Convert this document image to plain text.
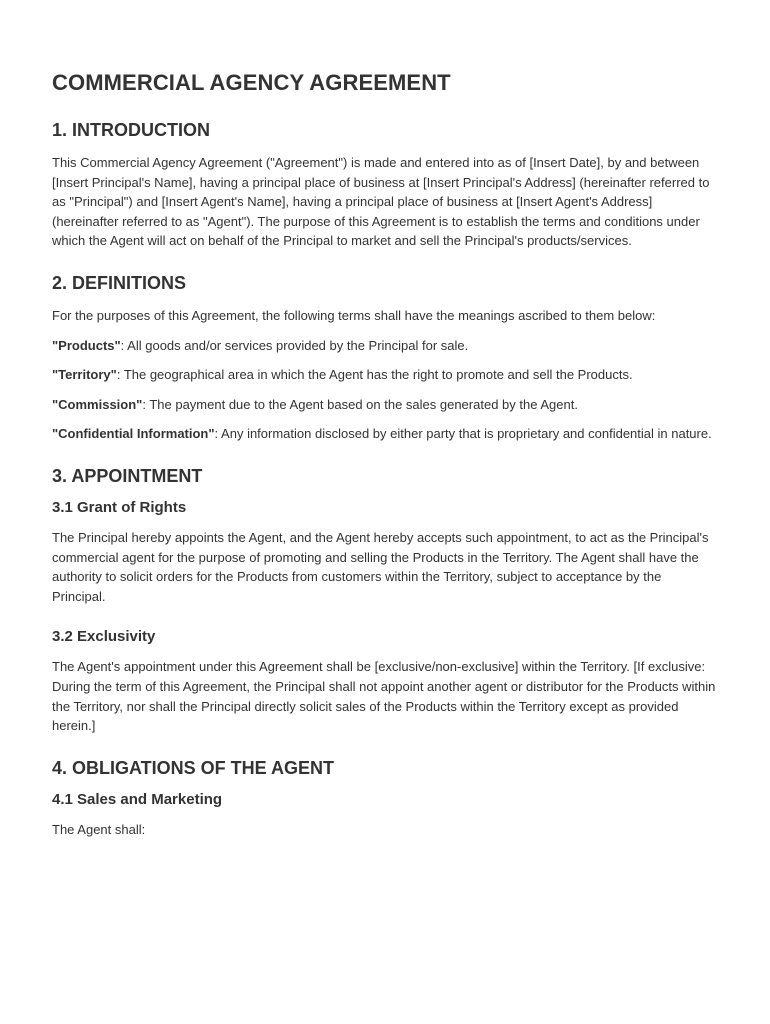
COMMERCIAL AGENCY AGREEMENT
1. INTRODUCTION

This Commercial Agency Agreement ("Agreement") is made and entered into as of [Insert Date], by and between [Insert Principal's Name], having a principal place of business at [Insert Principal's Address] (hereinafter referred to as "Principal") and [Insert Agent's Name], having a principal place of business at [Insert Agent's Address] (hereinafter referred to as "Agent"). The purpose of this Agreement is to establish the terms and conditions under which the Agent will act on behalf of the Principal to market and sell the Principal's products/services.

2. DEFINITIONS

For the purposes of this Agreement, the following terms shall have the meanings ascribed to them below:

"Products": All goods and/or services provided by the Principal for sale.

"Territory": The geographical area in which the Agent has the right to promote and sell the Products.

"Commission": The payment due to the Agent based on the sales generated by the Agent.

"Confidential Information": Any information disclosed by either party that is proprietary and confidential in nature.

3. APPOINTMENT
3.1 Grant of Rights

The Principal hereby appoints the Agent, and the Agent hereby accepts such appointment, to act as the Principal's commercial agent for the purpose of promoting and selling the Products in the Territory. The Agent shall have the authority to solicit orders for the Products from customers within the Territory, subject to acceptance by the Principal.

3.2 Exclusivity

The Agent's appointment under this Agreement shall be [exclusive/non-exclusive] within the Territory. [If exclusive: During the term of this Agreement, the Principal shall not appoint another agent or distributor for the Products within the Territory, nor shall the Principal directly solicit sales of the Products within the Territory except as provided herein.]

4. OBLIGATIONS OF THE AGENT
4.1 Sales and Marketing

The Agent shall:
